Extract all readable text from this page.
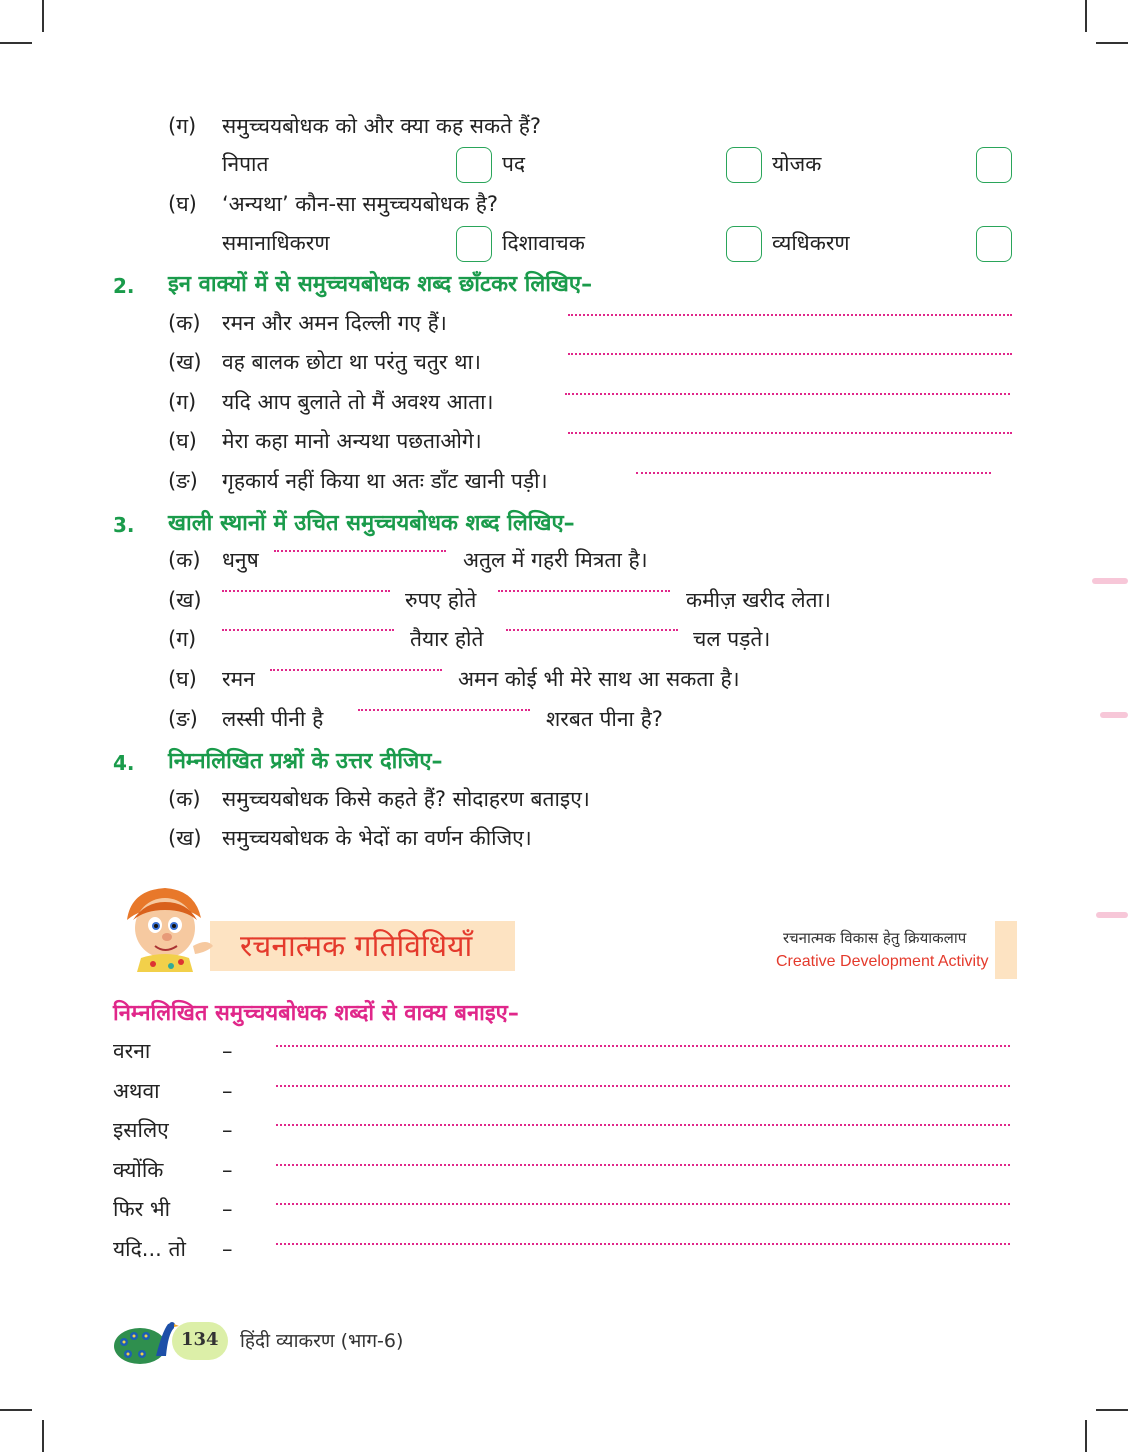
(ग) समुच्चयबोधक को और क्या कह सकते हैं?
निपात	पद	योजक
(घ) ‘अन्यथा’ कौन-सा समुच्चयबोधक है?
समानाधिकरण	दिशावाचक	व्यधिकरण
2. इन वाक्यों में से समुच्चयबोधक शब्द छाँटकर लिखिए–
(क) रमन और अमन दिल्ली गए हैं।
(ख) वह बालक छोटा था परंतु चतुर था।
(ग) यदि आप बुलाते तो मैं अवश्य आता।
(घ) मेरा कहा मानो अन्यथा पछताओगे।
(ङ) गृहकार्य नहीं किया था अतः डाँट खानी पड़ी।
3. खाली स्थानों में उचित समुच्चयबोधक शब्द लिखिए–
(क) धनुष	अतुल में गहरी मित्रता है।
(ख)	रुपए होते	कमीज़ खरीद लेता।
(ग)	तैयार होते	चल पड़ते।
(घ) रमन	अमन कोई भी मेरे साथ आ सकता है।
(ङ) लस्सी पीनी है	शरबत पीना है?
4. निम्नलिखित प्रश्नों के उत्तर दीजिए–
(क) समुच्चयबोधक किसे कहते हैं? सोदाहरण बताइए।
(ख) समुच्चयबोधक के भेदों का वर्णन कीजिए।
रचनात्मक गतिविधियाँ	रचनात्मक विकास हेतु क्रियाकलाप
Creative Development Activity
निम्नलिखित समुच्चयबोधक शब्दों से वाक्य बनाइए–
वरना	–
अथवा	–
इसलिए	–
क्योंकि	–
फिर भी –
यदि... तो –
134 हिंदी व्याकरण (भाग-6)
